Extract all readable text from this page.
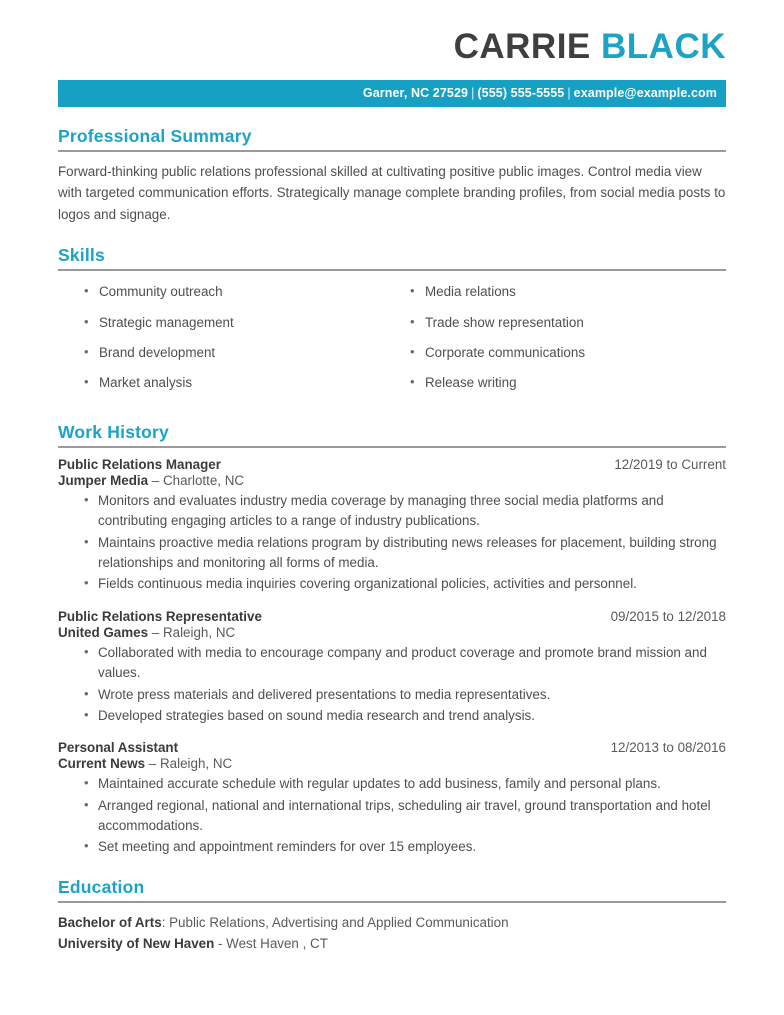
CARRIE BLACK
Garner, NC 27529 | (555) 555-5555 | example@example.com
Professional Summary
Forward-thinking public relations professional skilled at cultivating positive public images. Control media view with targeted communication efforts. Strategically manage complete branding profiles, from social media posts to logos and signage.
Skills
• Community outreach
• Strategic management
• Brand development
• Market analysis
• Media relations
• Trade show representation
• Corporate communications
• Release writing
Work History
Public Relations Manager	12/2019 to Current
Jumper Media – Charlotte, NC
• Monitors and evaluates industry media coverage by managing three social media platforms and contributing engaging articles to a range of industry publications.
• Maintains proactive media relations program by distributing news releases for placement, building strong relationships and monitoring all forms of media.
• Fields continuous media inquiries covering organizational policies, activities and personnel.
Public Relations Representative	09/2015 to 12/2018
United Games – Raleigh, NC
• Collaborated with media to encourage company and product coverage and promote brand mission and values.
• Wrote press materials and delivered presentations to media representatives.
• Developed strategies based on sound media research and trend analysis.
Personal Assistant	12/2013 to 08/2016
Current News – Raleigh, NC
• Maintained accurate schedule with regular updates to add business, family and personal plans.
• Arranged regional, national and international trips, scheduling air travel, ground transportation and hotel accommodations.
• Set meeting and appointment reminders for over 15 employees.
Education
Bachelor of Arts: Public Relations, Advertising and Applied Communication
University of New Haven - West Haven , CT
